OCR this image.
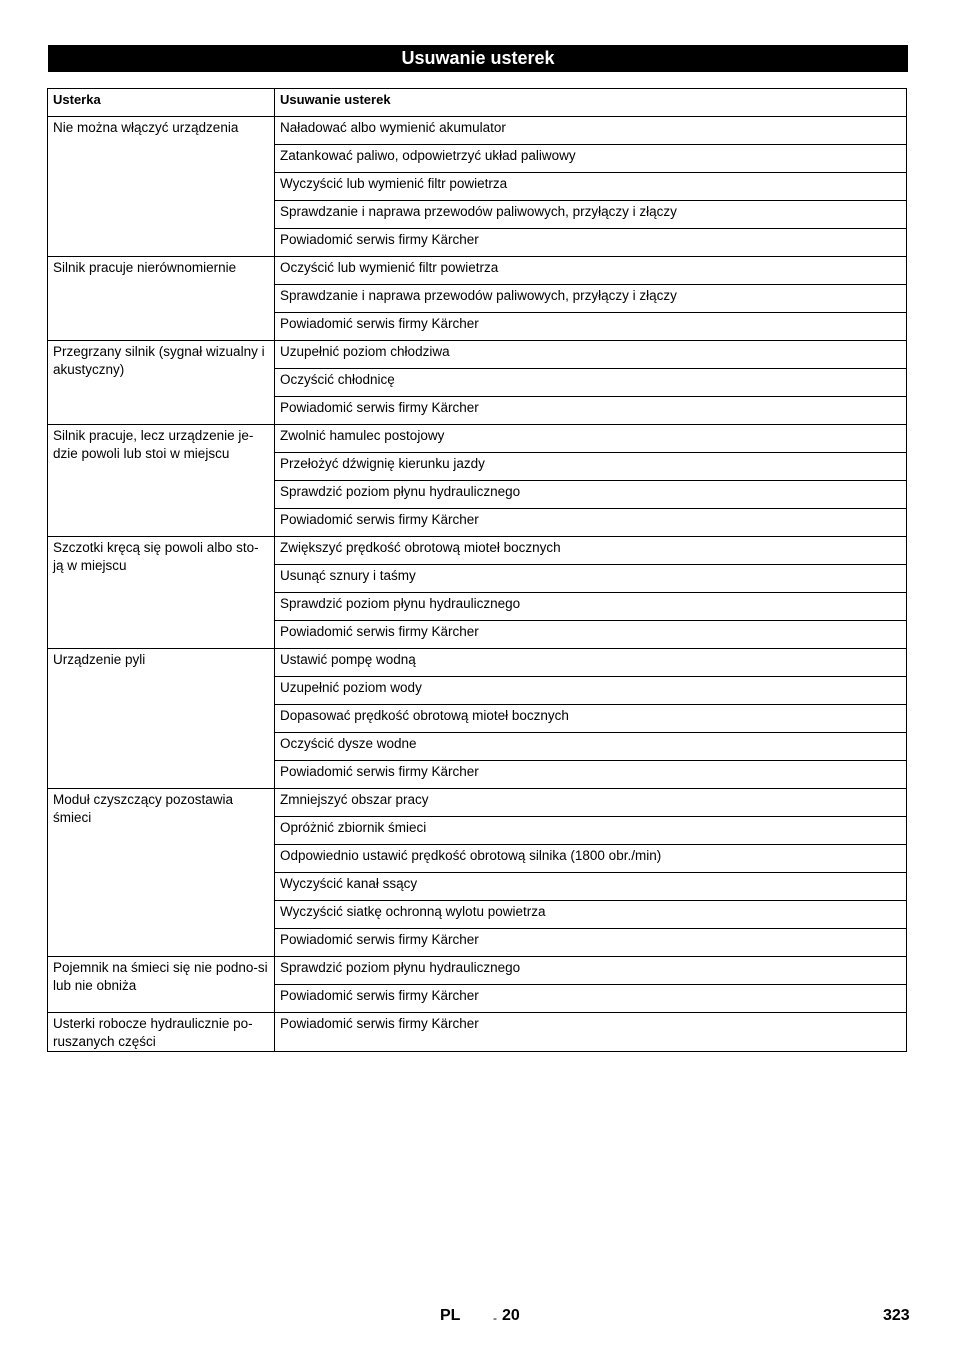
Usuwanie usterek
Usterka	Usuwanie usterek
Nie można włączyć urządzenia	Naładować albo wymienić akumulator
	Zatankować paliwo, odpowietrzyć układ paliwowy
	Wyczyścić lub wymienić filtr powietrza
	Sprawdzanie i naprawa przewodów paliwowych, przyłączy i złączy
	Powiadomić serwis firmy Kärcher
Silnik pracuje nierównomiernie	Oczyścić lub wymienić filtr powietrza
	Sprawdzanie i naprawa przewodów paliwowych, przyłączy i złączy
	Powiadomić serwis firmy Kärcher
Przegrzany silnik (sygnał wizualny i akustyczny)	Uzupełnić poziom chłodziwa
	Oczyścić chłodnicę
	Powiadomić serwis firmy Kärcher
Silnik pracuje, lecz urządzenie je-dzie powoli lub stoi w miejscu	Zwolnić hamulec postojowy
	Przełożyć dźwignię kierunku jazdy
	Sprawdzić poziom płynu hydraulicznego
	Powiadomić serwis firmy Kärcher
Szczotki kręcą się powoli albo sto-ją w miejscu	Zwiększyć prędkość obrotową mioteł bocznych
	Usunąć sznury i taśmy
	Sprawdzić poziom płynu hydraulicznego
	Powiadomić serwis firmy Kärcher
Urządzenie pyli	Ustawić pompę wodną
	Uzupełnić poziom wody
	Dopasować prędkość obrotową mioteł bocznych
	Oczyścić dysze wodne
	Powiadomić serwis firmy Kärcher
Moduł czyszczący pozostawia śmieci	Zmniejszyć obszar pracy
	Opróżnić zbiornik śmieci
	Odpowiednio ustawić prędkość obrotową silnika (1800 obr./min)
	Wyczyścić kanał ssący
	Wyczyścić siatkę ochronną wylotu powietrza
	Powiadomić serwis firmy Kärcher
Pojemnik na śmieci się nie podno-si lub nie obniża	Sprawdzić poziom płynu hydraulicznego
	Powiadomić serwis firmy Kärcher
Usterki robocze hydraulicznie po-ruszanych części	Powiadomić serwis firmy Kärcher
PL	- 20	323
